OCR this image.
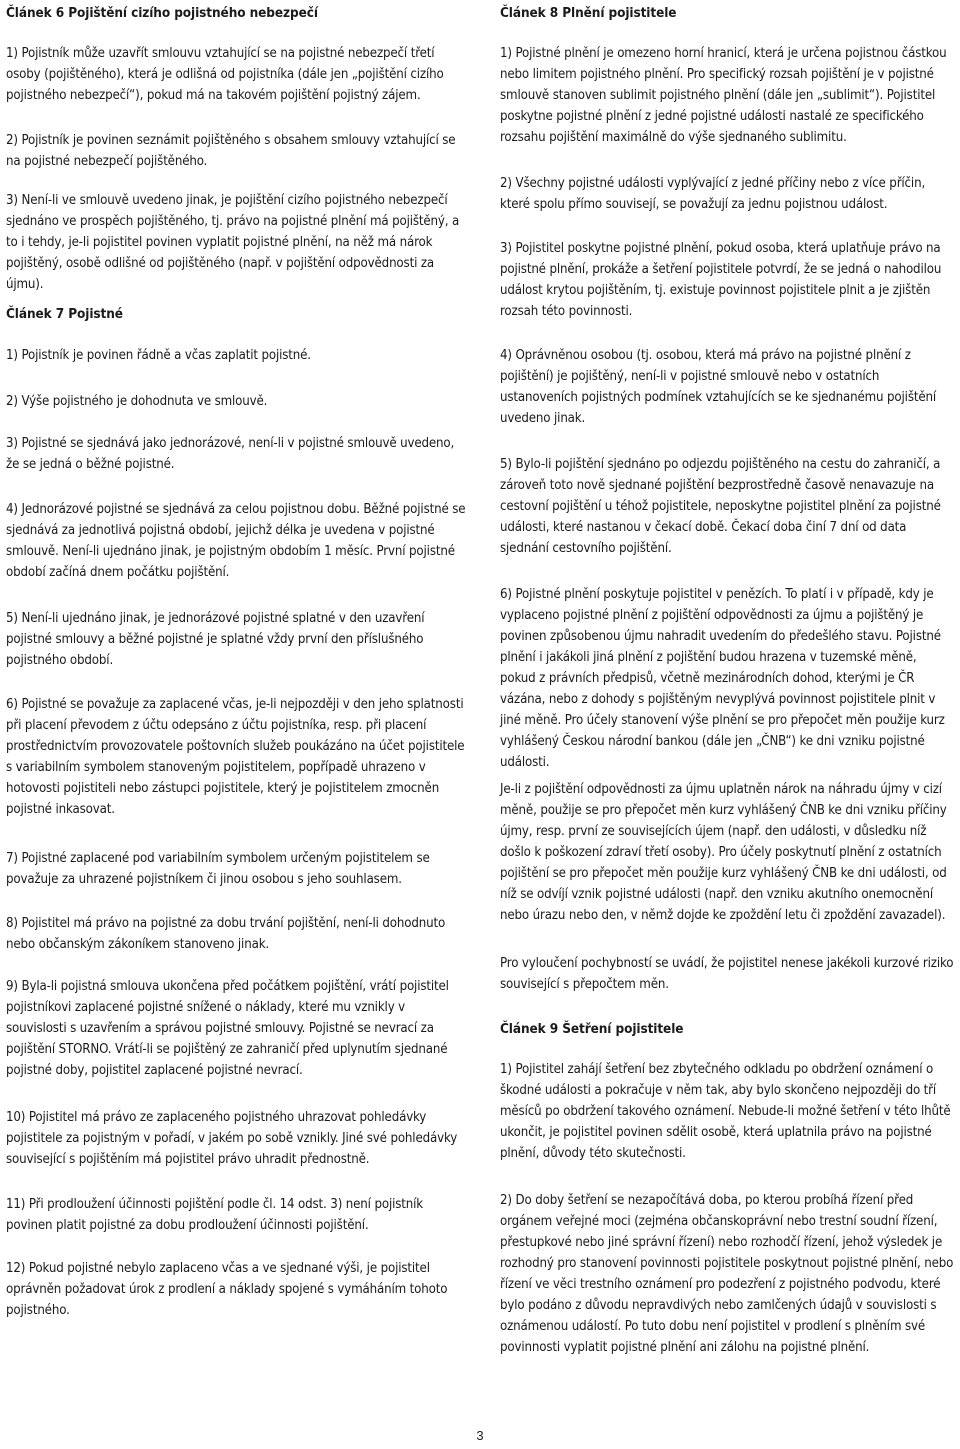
Článek 6 Pojištění cizího pojistného nebezpečí

1) Pojistník může uzavřít smlouvu vztahující se na pojistné nebezpečí třetí osoby (pojištěného), která je odlišná od pojistníka (dále jen „pojištění cizího pojistného nebezpečí“), pokud má na takovém pojištění pojistný zájem.

2) Pojistník je povinen seznámit pojištěného s obsahem smlouvy vztahující se na pojistné nebezpečí pojištěného.

3) Není-li ve smlouvě uvedeno jinak, je pojištění cizího pojistného nebezpečí sjednáno ve prospěch pojištěného, tj. právo na pojistné plnění má pojištěný, a to i tehdy, je-li pojistitel povinen vyplatit pojistné plnění, na něž má nárok pojištěný, osobě odlišné od pojištěného (např. v pojištění odpovědnosti za újmu).

Článek 7 Pojistné

1) Pojistník je povinen řádně a včas zaplatit pojistné.

2) Výše pojistného je dohodnuta ve smlouvě.

3) Pojistné se sjednává jako jednorázové, není-li v pojistné smlouvě uvedeno, že se jedná o běžné pojistné.

4) Jednorázové pojistné se sjednává za celou pojistnou dobu. Běžné pojistné se sjednává za jednotlivá pojistná období, jejichž délka je uvedena v pojistné smlouvě. Není-li ujednáno jinak, je pojistným obdobím 1 měsíc. První pojistné období začíná dnem počátku pojištění.

5) Není-li ujednáno jinak, je jednorázové pojistné splatné v den uzavření pojistné smlouvy a běžné pojistné je splatné vždy první den příslušného pojistného období.

6) Pojistné se považuje za zaplacené včas, je-li nejpozději v den jeho splatnosti při placení převodem z účtu odepsáno z účtu pojistníka, resp. při placení prostřednictvím provozovatele poštovních služeb poukázáno na účet pojistitele s variabilním symbolem stanoveným pojistitelem, popřípadě uhrazeno v hotovosti pojistiteli nebo zástupci pojistitele, který je pojistitelem zmocněn pojistné inkasovat.

7) Pojistné zaplacené pod variabilním symbolem určeným pojistitelem se považuje za uhrazené pojistníkem či jinou osobou s jeho souhlasem.

8) Pojistitel má právo na pojistné za dobu trvání pojištění, není-li dohodnuto nebo občanským zákoníkem stanoveno jinak.

9) Byla-li pojistná smlouva ukončena před počátkem pojištění, vrátí pojistitel pojistníkovi zaplacené pojistné snížené o náklady, které mu vznikly v souvislosti s uzavřením a správou pojistné smlouvy. Pojistné se nevrací za pojištění STORNO. Vrátí-li se pojištěný ze zahraničí před uplynutím sjednané pojistné doby, pojistitel zaplacené pojistné nevrací.

10) Pojistitel má právo ze zaplaceného pojistného uhrazovat pohledávky pojistitele za pojistným v pořadí, v jakém po sobě vznikly. Jiné své pohledávky související s pojištěním má pojistitel právo uhradit přednostně.

11) Při prodloužení účinnosti pojištění podle čl. 14 odst. 3) není pojistník povinen platit pojistné za dobu prodloužení účinnosti pojištění.

12) Pokud pojistné nebylo zaplaceno včas a ve sjednané výši, je pojistitel oprávněn požadovat úrok z prodlení a náklady spojené s vymáháním tohoto pojistného.

Článek 8 Plnění pojistitele

1) Pojistné plnění je omezeno horní hranicí, která je určena pojistnou částkou nebo limitem pojistného plnění. Pro specifický rozsah pojištění je v pojistné smlouvě stanoven sublimit pojistného plnění (dále jen „sublimit“). Pojistitel poskytne pojistné plnění z jedné pojistné události nastalé ze specifického rozsahu pojištění maximálně do výše sjednaného sublimitu.

2) Všechny pojistné události vyplývající z jedné příčiny nebo z více příčin, které spolu přímo souvisejí, se považují za jednu pojistnou událost.

3) Pojistitel poskytne pojistné plnění, pokud osoba, která uplatňuje právo na pojistné plnění, prokáže a šetření pojistitele potvrdí, že se jedná o nahodilou událost krytou pojištěním, tj. existuje povinnost pojistitele plnit a je zjištěn rozsah této povinnosti.

4) Oprávněnou osobou (tj. osobou, která má právo na pojistné plnění z pojištění) je pojištěný, není-li v pojistné smlouvě nebo v ostatních ustanoveních pojistných podmínek vztahujících se ke sjednanému pojištění uvedeno jinak.

5) Bylo-li pojištění sjednáno po odjezdu pojištěného na cestu do zahraničí, a zároveň toto nově sjednané pojištění bezprostředně časově nenavazuje na cestovní pojištění u téhož pojistitele, neposkytne pojistitel plnění za pojistné události, které nastanou v čekací době. Čekací doba činí 7 dní od data sjednání cestovního pojištění.

6) Pojistné plnění poskytuje pojistitel v penězích. To platí i v případě, kdy je vyplaceno pojistné plnění z pojištění odpovědnosti za újmu a pojištěný je povinen způsobenou újmu nahradit uvedením do předešlého stavu. Pojistné plnění i jakákoli jiná plnění z pojištění budou hrazena v tuzemské měně, pokud z právních předpisů, včetně mezinárodních dohod, kterými je ČR vázána, nebo z dohody s pojištěným nevyplývá povinnost pojistitele plnit v jiné měně. Pro účely stanovení výše plnění se pro přepočet měn použije kurz vyhlášený Českou národní bankou (dále jen „ČNB“) ke dni vzniku pojistné události.

Je-li z pojištění odpovědnosti za újmu uplatněn nárok na náhradu újmy v cizí měně, použije se pro přepočet měn kurz vyhlášený ČNB ke dni vzniku příčiny újmy, resp. první ze souvisejících újem (např. den události, v důsledku níž došlo k poškození zdraví třetí osoby). Pro účely poskytnutí plnění z ostatních pojištění se pro přepočet měn použije kurz vyhlášený ČNB ke dni události, od níž se odvíjí vznik pojistné události (např. den vzniku akutního onemocnění nebo úrazu nebo den, v němž dojde ke zpoždění letu či zpoždění zavazadel).

Pro vyloučení pochybností se uvádí, že pojistitel nenese jakékoli kurzové riziko související s přepočtem měn.

Článek 9 Šetření pojistitele

1) Pojistitel zahájí šetření bez zbytečného odkladu po obdržení oznámení o škodné události a pokračuje v něm tak, aby bylo skončeno nejpozději do tří měsíců po obdržení takového oznámení. Nebude-li možné šetření v této lhůtě ukončit, je pojistitel povinen sdělit osobě, která uplatnila právo na pojistné plnění, důvody této skutečnosti.

2) Do doby šetření se nezapočítává doba, po kterou probíhá řízení před orgánem veřejné moci (zejména občanskoprávní nebo trestní soudní řízení, přestupkové nebo jiné správní řízení) nebo rozhodčí řízení, jehož výsledek je rozhodný pro stanovení povinnosti pojistitele poskytnout pojistné plnění, nebo řízení ve věci trestního oznámení pro podezření z pojistného podvodu, které bylo podáno z důvodu nepravdivých nebo zamlčených údajů v souvislosti s oznámenou událostí. Po tuto dobu není pojistitel v prodlení s plněním své povinnosti vyplatit pojistné plnění ani zálohu na pojistné plnění.

3
